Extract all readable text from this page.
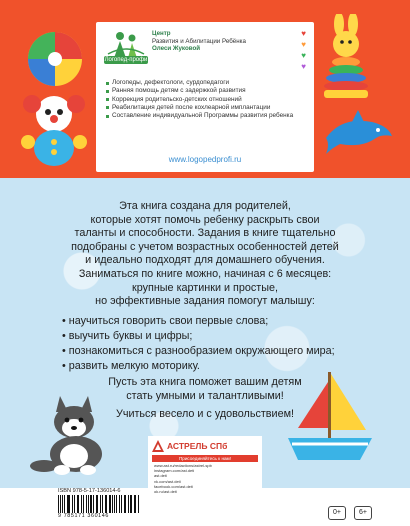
Логопед-профи
Центр
Развития и Абилитации Ребёнка
Олеси Жуковой
♥
♥
♥
♥
Логопеды, дефектологи, сурдопедагоги
Ранняя помощь детям с задержкой развития
Коррекция родительско-детских отношений
Реабилитация детей после кохлеарной имплантации
Составление индивидуальной Программы развития ребенка
www.logopedprofi.ru

Эта книга создана для родителей,

которые хотят помочь ребенку раскрыть свои

таланты и способности. Задания в книге тщательно

подобраны с учетом возрастных особенностей детей

и идеально подходят для домашнего обучения.

Заниматься по книге можно, начиная с 6 месяцев:

крупные картинки и простые,

но эффективные задания помогут малышу:

• научиться говорить свои первые слова;
• выучить буквы и цифры;
• познакомиться с разнообразием окружающего мира;
• развить мелкую моторику.

Пусть эта книга поможет вашим детям

стать умными и талантливыми!

Учиться весело и с удовольствием!
АСТРЕЛЬ СПб
Присоединяйтесь к нам!
www.ast.ru/redactions/astrel-spb
instagram.com/ast.deti
ast.deti
vk.com/ast.deti
facebook.com/ast.deti
ok.ru/ast.deti
ISBN 978-5-17-136014-6
9 785171 360146	0+	6+
